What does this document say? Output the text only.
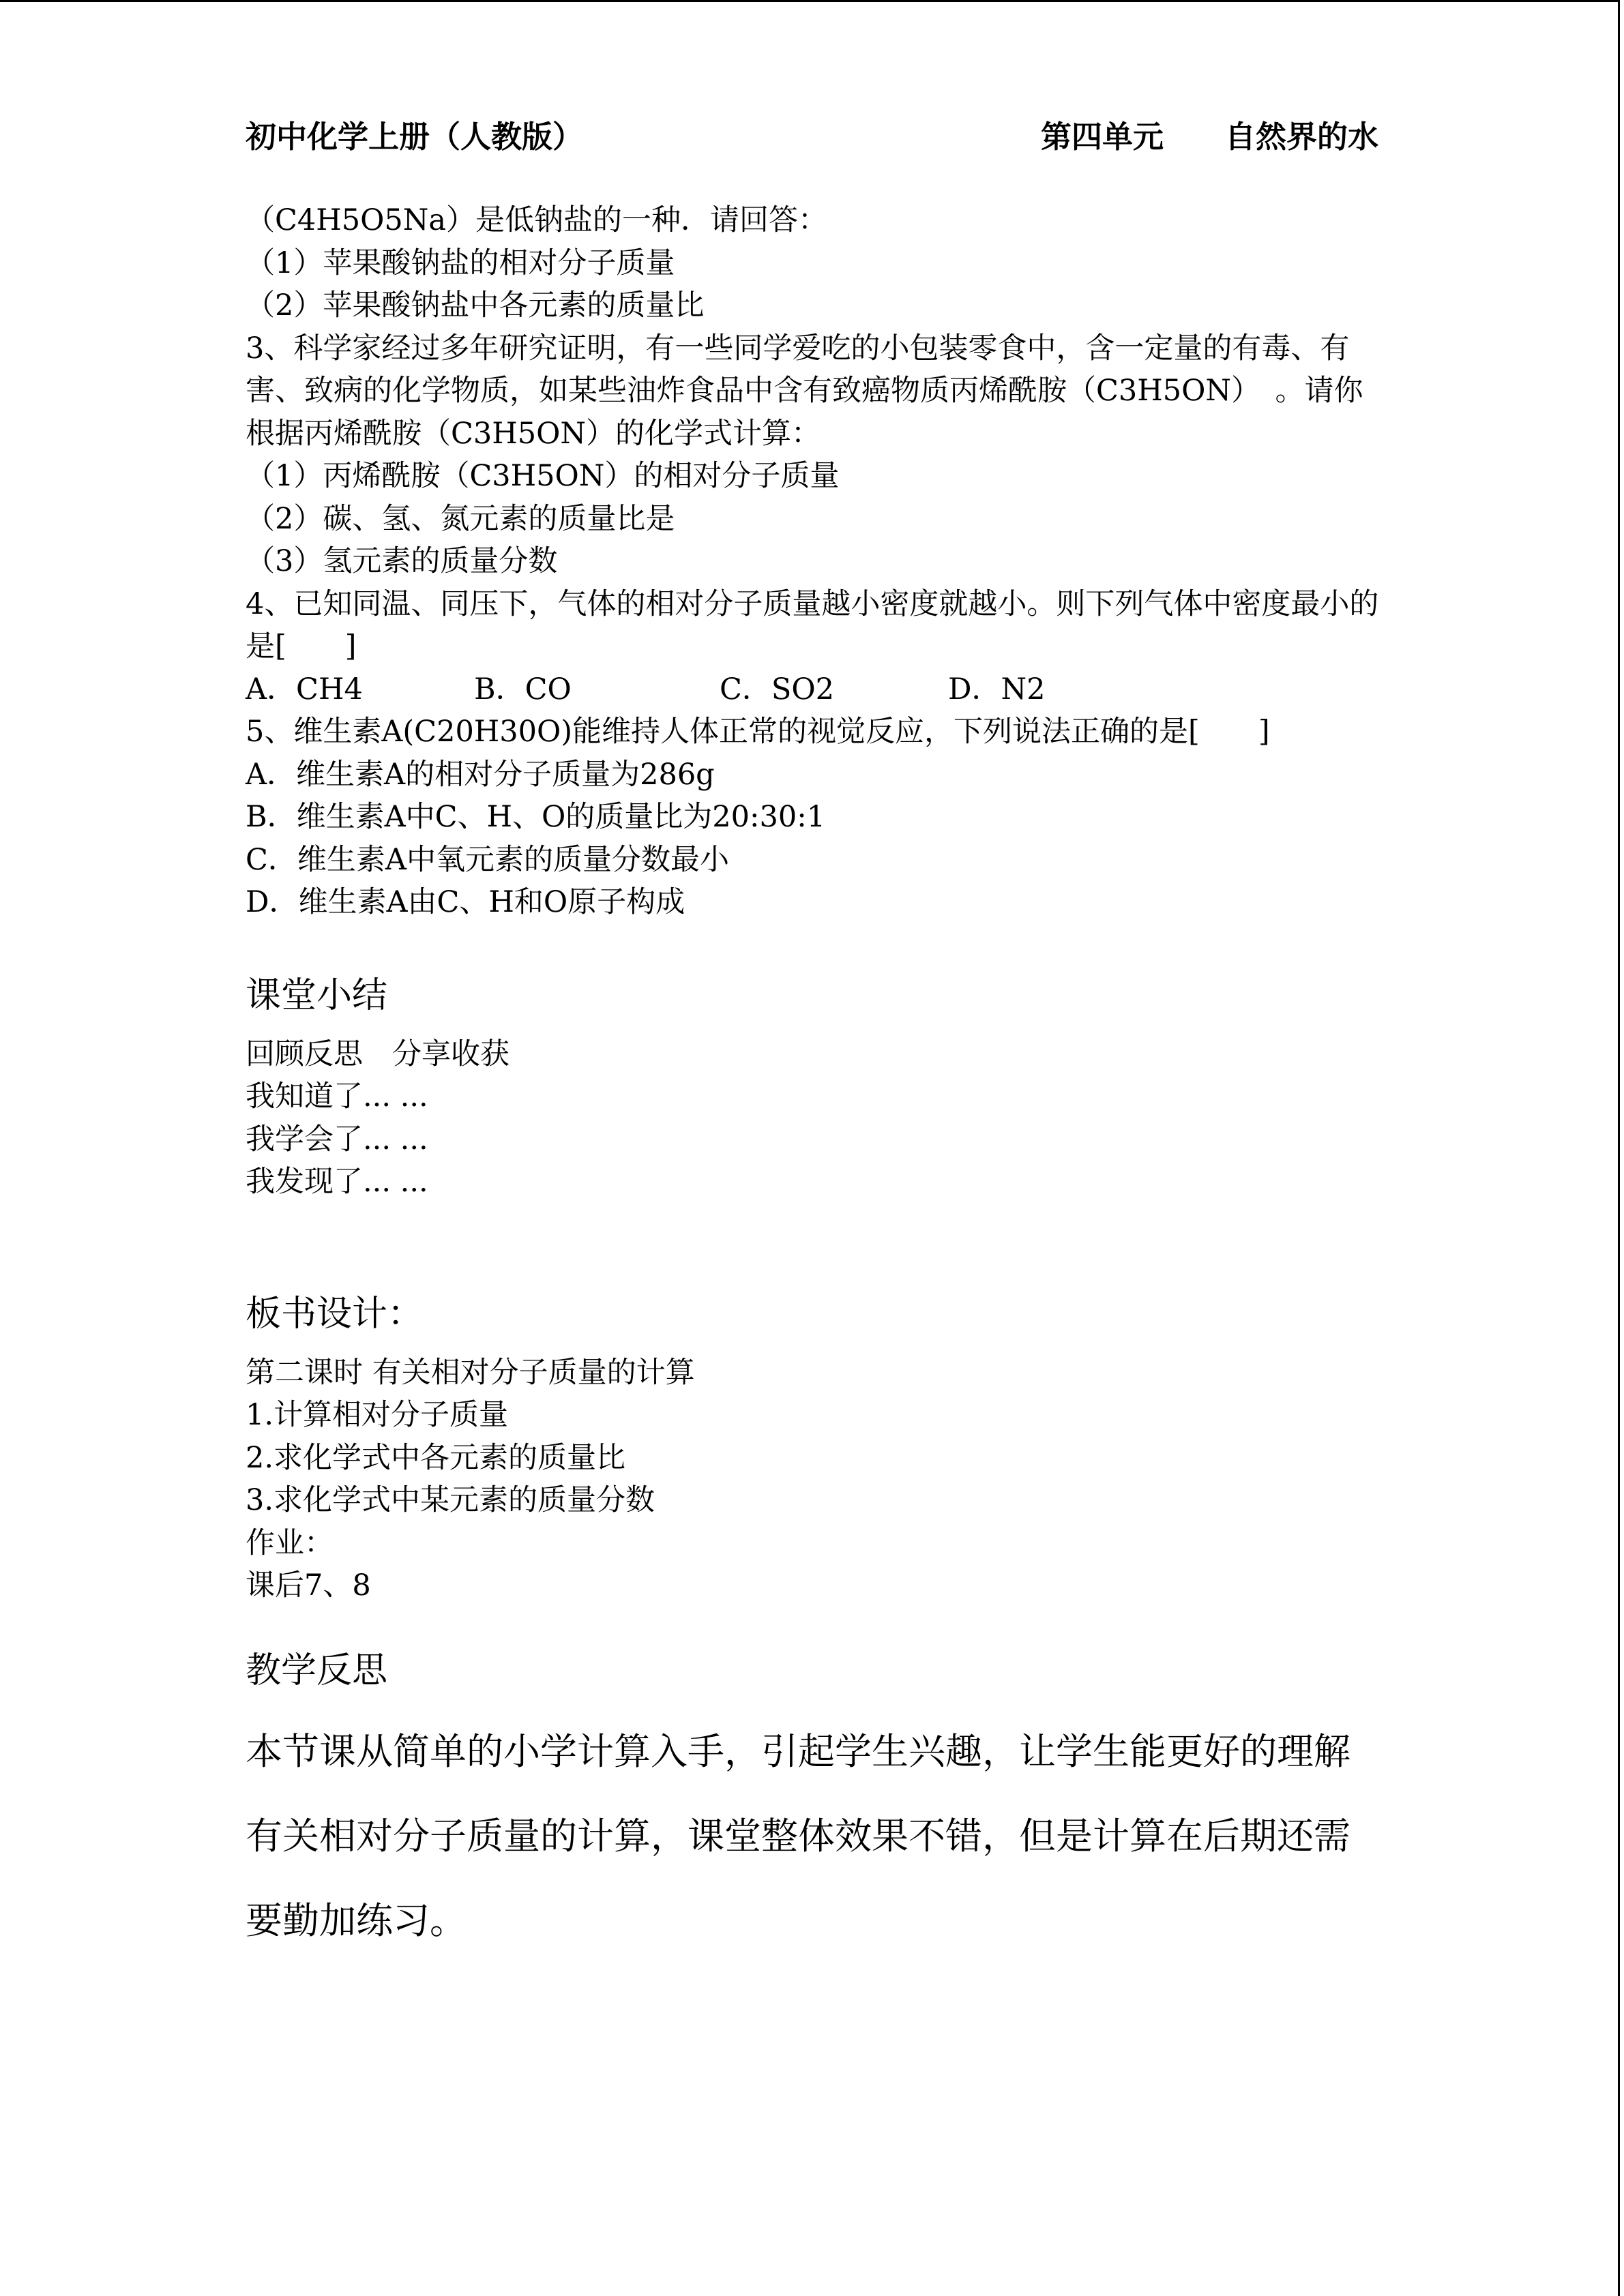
初中化学上册（人教版）	第四单元　　自然界的水

（C4H5O5Na）是低钠盐的一种．请回答：

（1）苹果酸钠盐的相对分子质量

（2）苹果酸钠盐中各元素的质量比

3、科学家经过多年研究证明，有一些同学爱吃的小包装零食中，含一定量的有毒、有害、致病的化学物质，如某些油炸食品中含有致癌物质丙烯酰胺（C3H5ON）　。请你根据丙烯酰胺（C3H5ON）的化学式计算：

（1）丙烯酰胺（C3H5ON）的相对分子质量

（2）碳、氢、氮元素的质量比是

（3）氢元素的质量分数

4、已知同温、同压下，气体的相对分子质量越小密度就越小。则下列气体中密度最小的是[　　]

A．CH4	B．CO	C．SO2	D．N2

5、维生素A(C20H30O)能维持人体正常的视觉反应，下列说法正确的是[　　]

A．维生素A的相对分子质量为286g

B．维生素A中C、H、O的质量比为20:30:1

C．维生素A中氧元素的质量分数最小

D．维生素A由C、H和O原子构成

课堂小结

回顾反思　分享收获

我知道了... ...

我学会了... ...

我发现了... ...

板书设计：

第二课时 有关相对分子质量的计算

1.计算相对分子质量

2.求化学式中各元素的质量比

3.求化学式中某元素的质量分数

作业：

课后7、8

教学反思

本节课从简单的小学计算入手，引起学生兴趣，让学生能更好的理解有关相对分子质量的计算，课堂整体效果不错，但是计算在后期还需要勤加练习。
